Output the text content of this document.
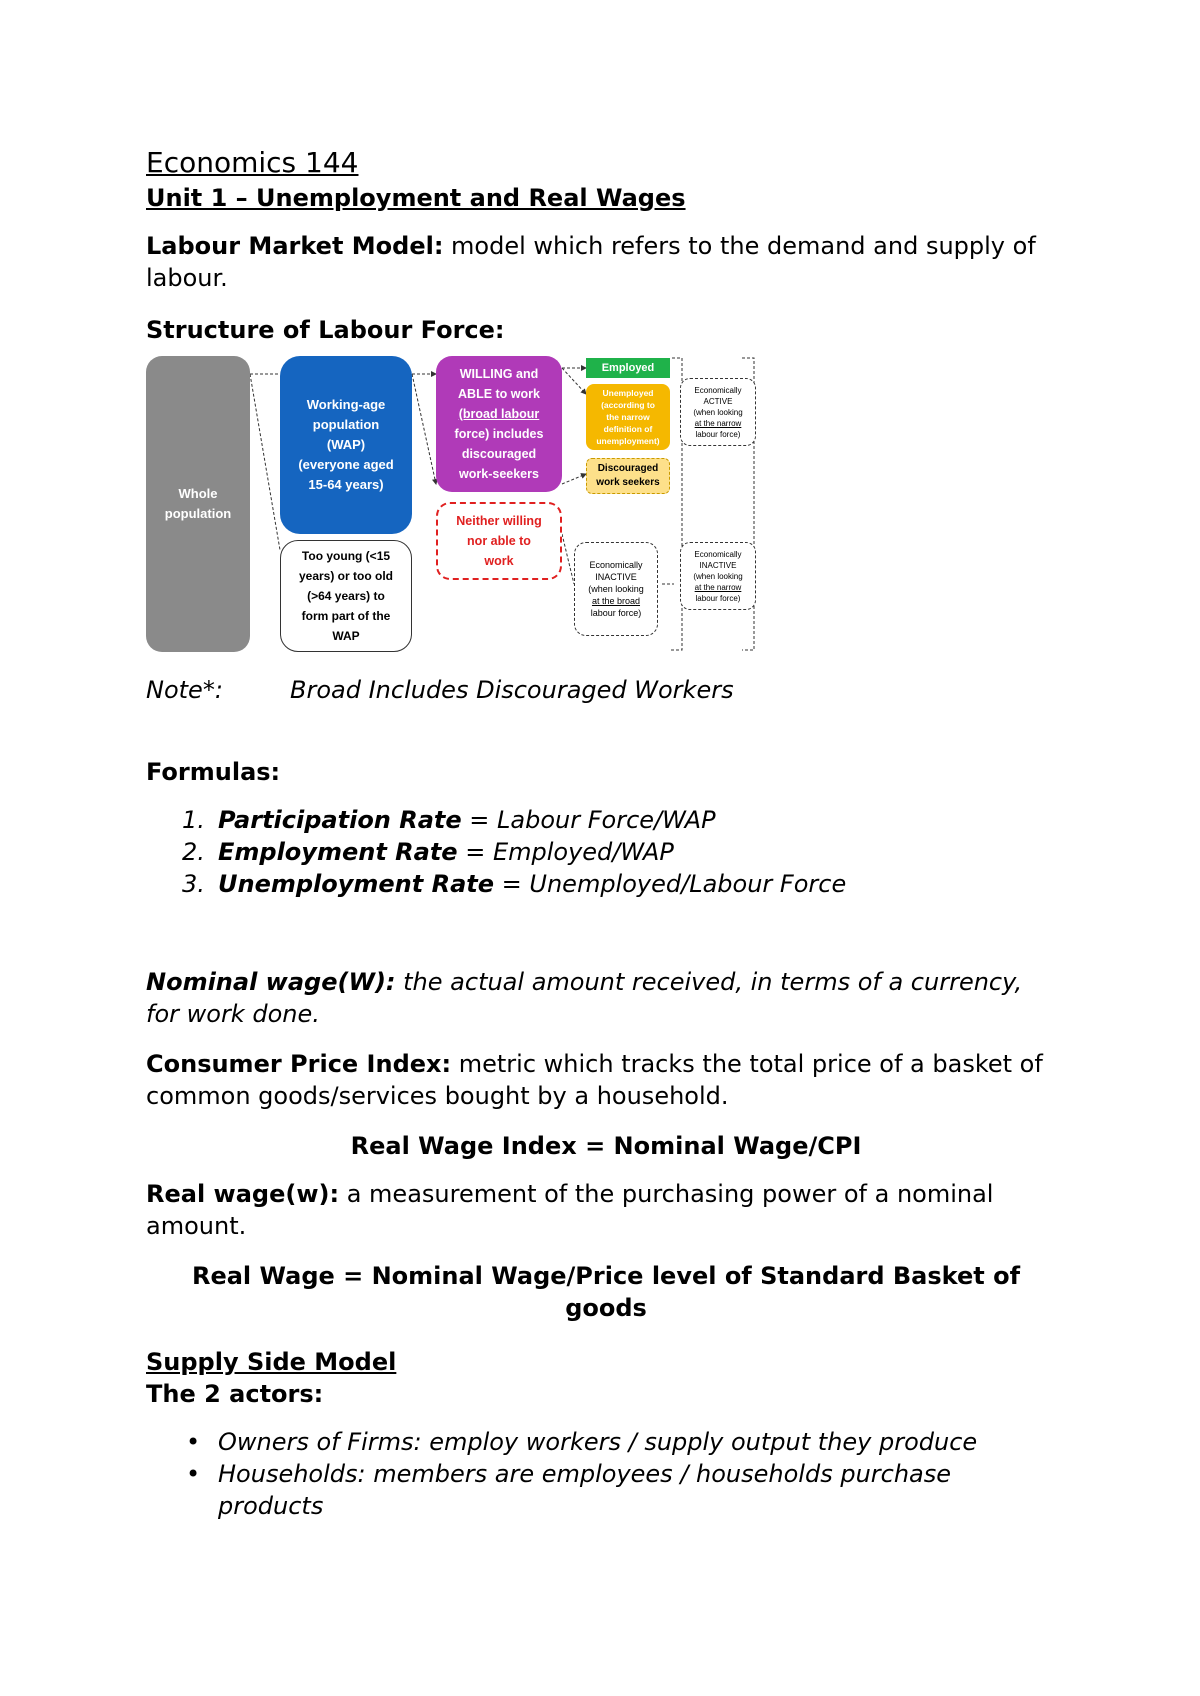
Economics 144
Unit 1 – Unemployment and Real Wages
Labour Market Model: model which refers to the demand and supply of
labour.
Structure of Labour Force:
Whole
population
Working-age
population
(WAP)
(everyone aged
15-64 years)
Too young (<15
years) or too old
(>64 years) to
form part of the
WAP
WILLING and
ABLE to work
(broad labour
force) includes
discouraged
work-seekers
Neither willing
nor able to
work
Employed
Unemployed
(according to
the narrow
definition of
unemployment)
Discouraged
work seekers
Economically
INACTIVE
(when looking
at the broad
labour force)
Economically
ACTIVE
(when looking
at the narrow
labour force)
Economically
INACTIVE
(when looking
at the narrow
labour force)
Note*:	Broad Includes Discouraged Workers
Formulas:
1. Participation Rate = Labour Force/WAP
2. Employment Rate = Employed/WAP
3. Unemployment Rate = Unemployed/Labour Force
Nominal wage(W): the actual amount received, in terms of a currency,
for work done.
Consumer Price Index: metric which tracks the total price of a basket of
common goods/services bought by a household.
Real Wage Index = Nominal Wage/CPI
Real wage(w): a measurement of the purchasing power of a nominal
amount.
Real Wage = Nominal Wage/Price level of Standard Basket of
goods
Supply Side Model
The 2 actors:
• Owners of Firms: employ workers / supply output they produce
• Households: members are employees / households purchase
products
